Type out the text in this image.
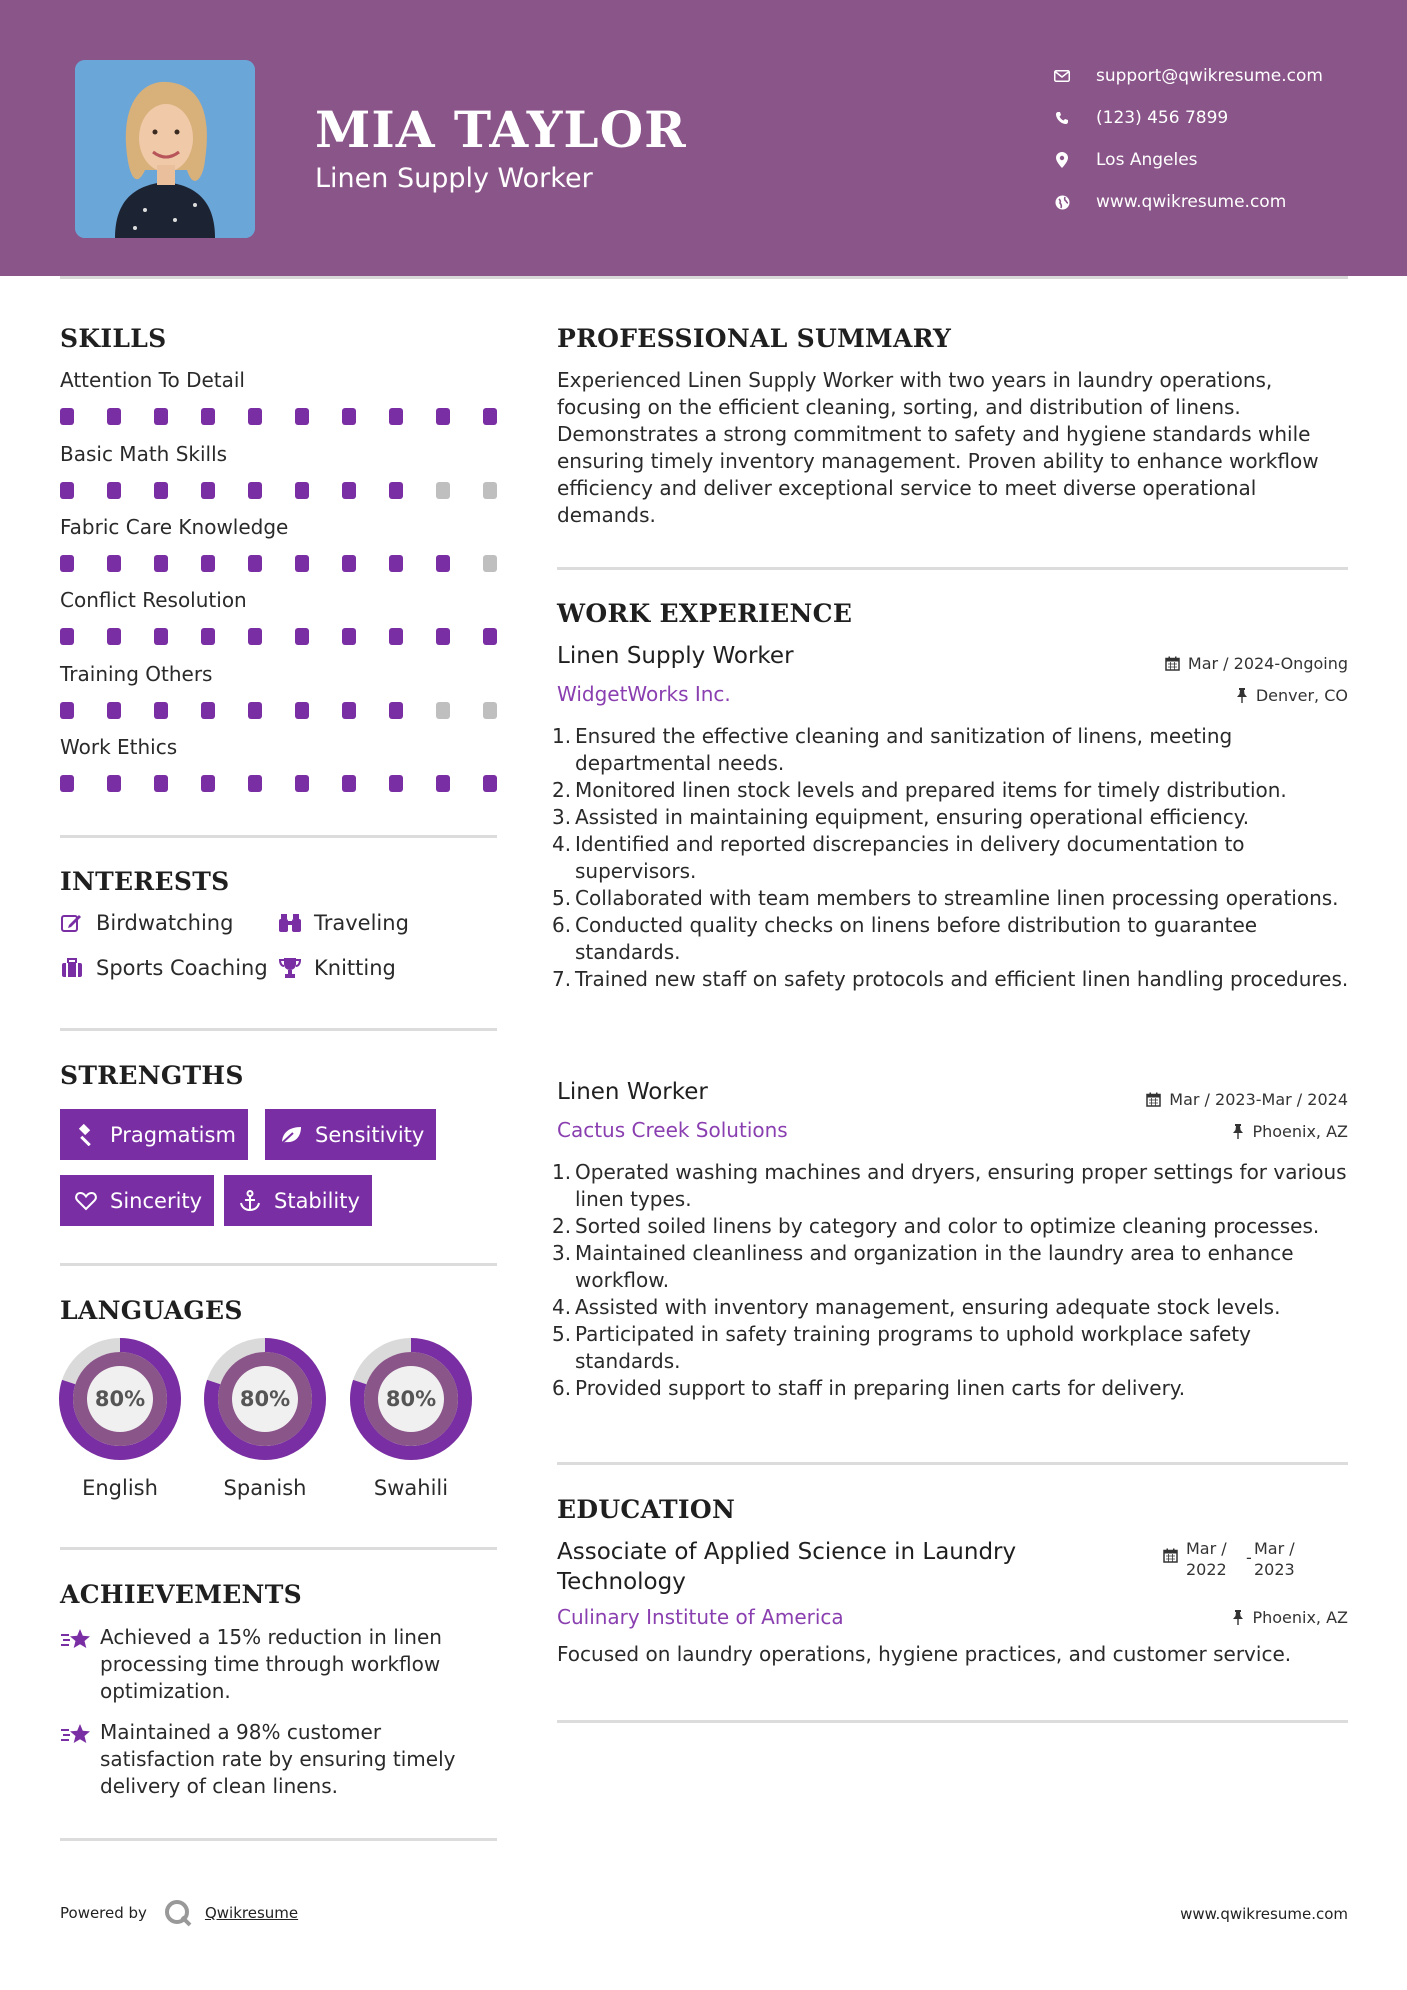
MIA TAYLOR
Linen Supply Worker
support@qwikresume.com
(123) 456 7899
Los Angeles
www.qwikresume.com
SKILLS
Attention To Detail
Basic Math Skills
Fabric Care Knowledge
Conflict Resolution
Training Others
Work Ethics
INTERESTS
Birdwatching	Traveling
Sports Coaching Knitting
STRENGTHS
Pragmatism	Sensitivity
Sincerity	Stability
LANGUAGES
80%
English
80%
Spanish
80%
Swahili
ACHIEVEMENTS
Achieved a 15% reduction in linen processing time through workflow optimization.
Maintained a 98% customer satisfaction rate by ensuring timely delivery of clean linens.
PROFESSIONAL SUMMARY
Experienced Linen Supply Worker with two years in laundry operations, focusing on the efficient cleaning, sorting, and distribution of linens. Demonstrates a strong commitment to safety and hygiene standards while ensuring timely inventory management. Proven ability to enhance workflow efficiency and deliver exceptional service to meet diverse operational demands.
WORK EXPERIENCE
Linen Supply Worker
WidgetWorks Inc.
Mar / 2024-Ongoing
Denver, CO
1. Ensured the effective cleaning and sanitization of linens, meeting departmental needs.
2. Monitored linen stock levels and prepared items for timely distribution.
3. Assisted in maintaining equipment, ensuring operational efficiency.
4. Identified and reported discrepancies in delivery documentation to supervisors.
5. Collaborated with team members to streamline linen processing operations.
6. Conducted quality checks on linens before distribution to guarantee standards.
7. Trained new staff on safety protocols and efficient linen handling procedures.
Linen Worker
Cactus Creek Solutions
Mar / 2023-Mar / 2024
Phoenix, AZ
1. Operated washing machines and dryers, ensuring proper settings for various linen types.
2. Sorted soiled linens by category and color to optimize cleaning processes.
3. Maintained cleanliness and organization in the laundry area to enhance workflow.
4. Assisted with inventory management, ensuring adequate stock levels.
5. Participated in safety training programs to uphold workplace safety standards.
6. Provided support to staff in preparing linen carts for delivery.
EDUCATION
Associate of Applied Science in Laundry Technology
Mar / 2022
- Mar / 2023
Culinary Institute of America	Phoenix, AZ
Focused on laundry operations, hygiene practices, and customer service.
Powered by	Qwikresume	www.qwikresume.com
